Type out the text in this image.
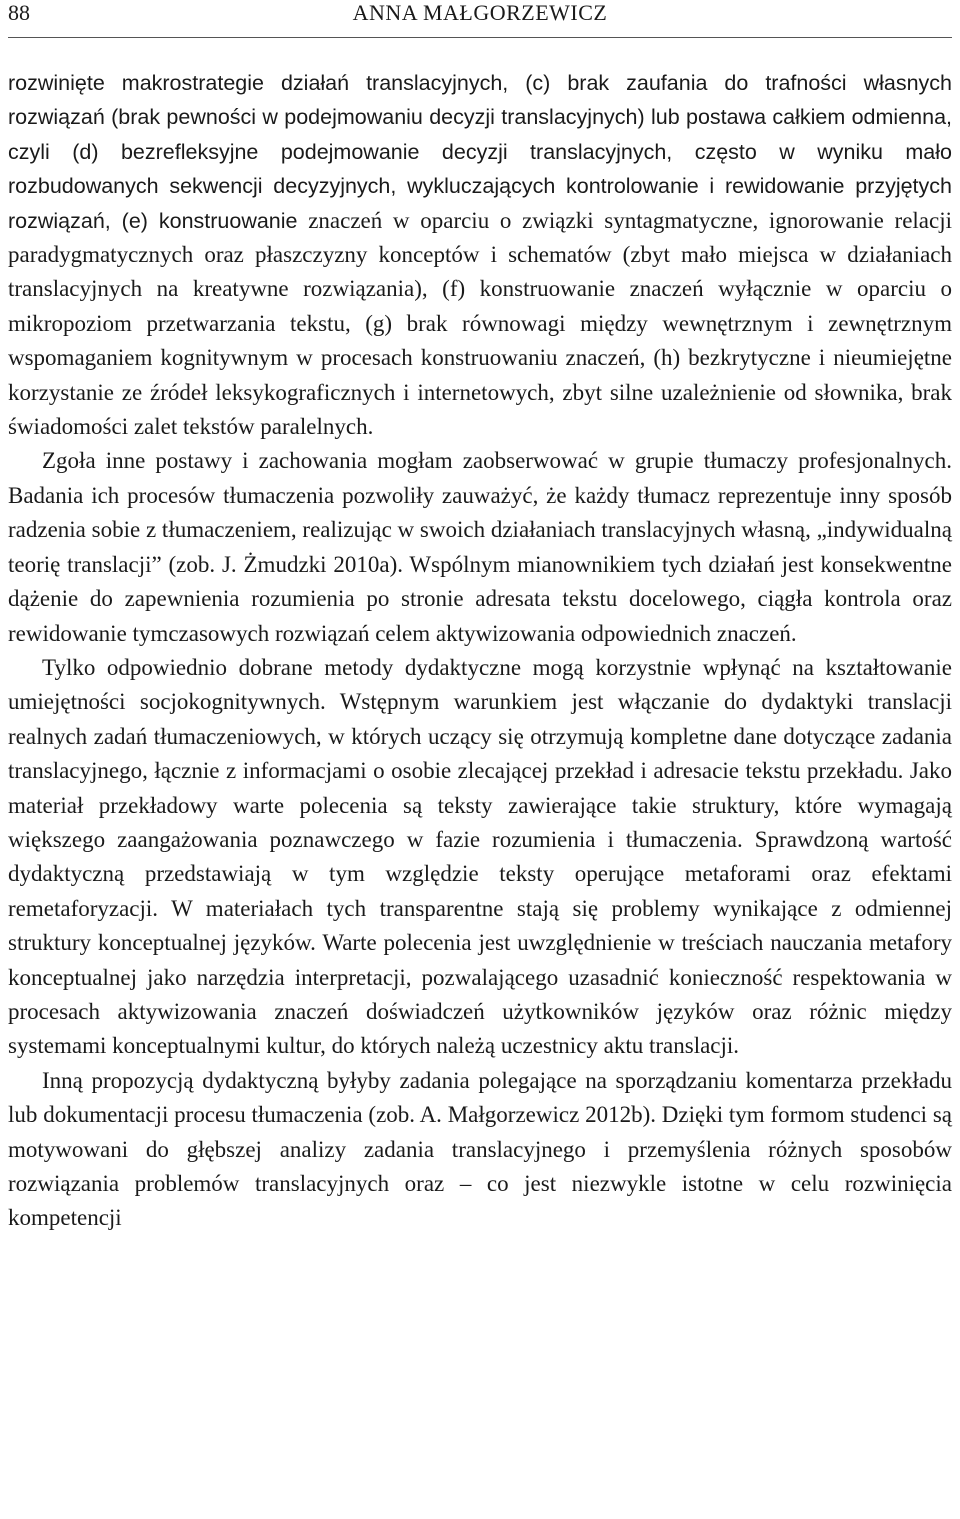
88	ANNA MAŁGORZEWICZ

rozwinięte makrostrategie działań translacyjnych, (c) brak zaufania do trafności własnych rozwiązań (brak pewności w podejmowaniu decyzji translacyjnych) lub postawa całkiem odmienna, czyli (d) bezrefleksyjne podejmowanie decyzji translacyjnych, często w wyniku mało rozbudowanych sekwencji decyzyjnych, wykluczających kontrolowanie i rewidowanie przyjętych rozwiązań, (e) konstruowanie znaczeń w oparciu o związki syntagmatyczne, ignorowanie relacji paradygmatycznych oraz płaszczyzny konceptów i schematów (zbyt mało miejsca w działaniach translacyjnych na kreatywne rozwiązania), (f) konstruowanie znaczeń wyłącznie w oparciu o mikropoziom przetwarzania tekstu, (g) brak równowagi między wewnętrznym i zewnętrznym wspomaganiem kognitywnym w procesach konstruowaniu znaczeń, (h) bezkrytyczne i nieumiejętne korzystanie ze źródeł leksykograficznych i internetowych, zbyt silne uzależnienie od słownika, brak świadomości zalet tekstów paralelnych.

Zgoła inne postawy i zachowania mogłam zaobserwować w grupie tłumaczy profesjonalnych. Badania ich procesów tłumaczenia pozwoliły zauważyć, że każdy tłumacz reprezentuje inny sposób radzenia sobie z tłumaczeniem, realizując w swoich działaniach translacyjnych własną, „indywidualną teorię translacji” (zob. J. Żmudzki 2010a). Wspólnym mianownikiem tych działań jest konsekwentne dążenie do zapewnienia rozumienia po stronie adresata tekstu docelowego, ciągła kontrola oraz rewidowanie tymczasowych rozwiązań celem aktywizowania odpowiednich znaczeń.

Tylko odpowiednio dobrane metody dydaktyczne mogą korzystnie wpłynąć na kształtowanie umiejętności socjokognitywnych. Wstępnym warunkiem jest włączanie do dydaktyki translacji realnych zadań tłumaczeniowych, w których uczący się otrzymują kompletne dane dotyczące zadania translacyjnego, łącznie z informacjami o osobie zlecającej przekład i adresacie tekstu przekładu. Jako materiał przekładowy warte polecenia są teksty zawierające takie struktury, które wymagają większego zaangażowania poznawczego w fazie rozumienia i tłumaczenia. Sprawdzoną wartość dydaktyczną przedstawiają w tym względzie teksty operujące metaforami oraz efektami remetaforyzacji. W materiałach tych transparentne stają się problemy wynikające z odmiennej struktury konceptualnej języków. Warte polecenia jest uwzględnienie w treściach nauczania metafory konceptualnej jako narzędzia interpretacji, pozwalającego uzasadnić konieczność respektowania w procesach aktywizowania znaczeń doświadczeń użytkowników języków oraz różnic między systemami konceptualnymi kultur, do których należą uczestnicy aktu translacji.

Inną propozycją dydaktyczną byłyby zadania polegające na sporządzaniu komentarza przekładu lub dokumentacji procesu tłumaczenia (zob. A. Małgorzewicz 2012b). Dzięki tym formom studenci są motywowani do głębszej analizy zadania translacyjnego i przemyślenia różnych sposobów rozwiązania problemów translacyjnych oraz – co jest niezwykle istotne w celu rozwinięcia kompetencji
